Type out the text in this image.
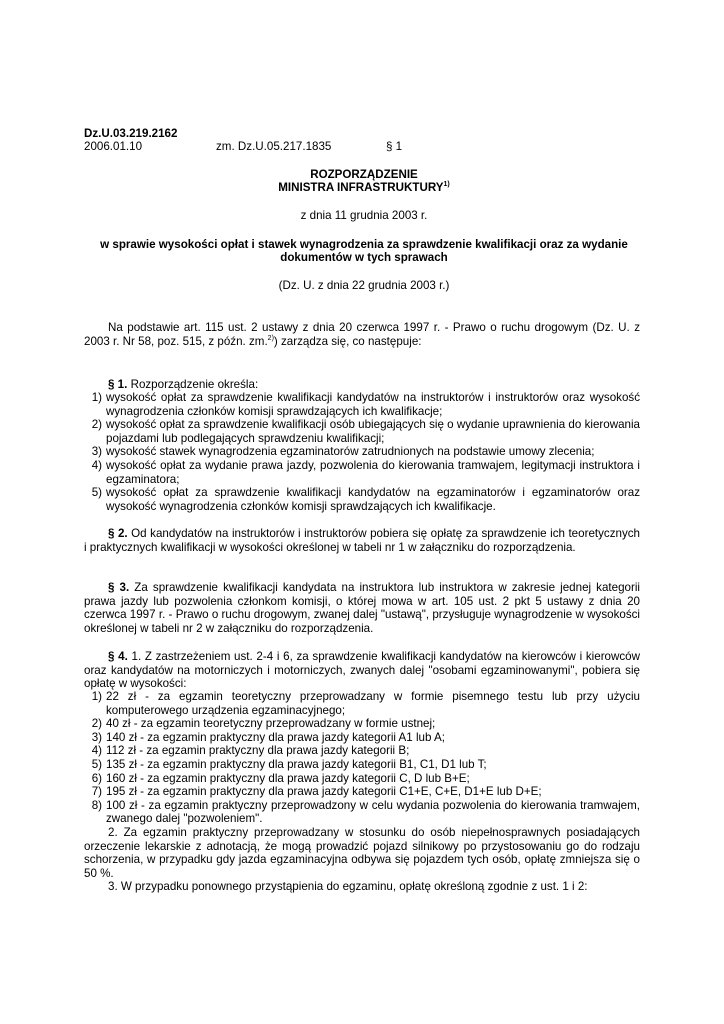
Dz.U.03.219.2162
2006.01.10	zm. Dz.U.05.217.1835	§ 1
ROZPORZĄDZENIE
MINISTRA INFRASTRUKTURY$^{1)}$
z dnia 11 grudnia 2003 r.
w sprawie wysokości opłat i stawek wynagrodzenia za sprawdzenie kwalifikacji oraz za wydanie
dokumentów w tych sprawach
(Dz. U. z dnia 22 grudnia 2003 r.)
Na podstawie art. 115 ust. 2 ustawy z dnia 20 czerwca 1997 r. - Prawo o ruchu drogowym (Dz. U. z 2003 r. Nr 58, poz. 515, z późn. zm.$^{2)}$) zarządza się, co następuje:
§ 1. Rozporządzenie określa:
1) wysokość opłat za sprawdzenie kwalifikacji kandydatów na instruktorów i instruktorów oraz wysokość wynagrodzenia członków komisji sprawdzających ich kwalifikacje;
2) wysokość opłat za sprawdzenie kwalifikacji osób ubiegających się o wydanie uprawnienia do kierowania pojazdami lub podlegających sprawdzeniu kwalifikacji;
3) wysokość stawek wynagrodzenia egzaminatorów zatrudnionych na podstawie umowy zlecenia;
4) wysokość opłat za wydanie prawa jazdy, pozwolenia do kierowania tramwajem, legitymacji instruktora i egzaminatora;
5) wysokość opłat za sprawdzenie kwalifikacji kandydatów na egzaminatorów i egzaminatorów oraz wysokość wynagrodzenia członków komisji sprawdzających ich kwalifikacje.
§ 2. Od kandydatów na instruktorów i instruktorów pobiera się opłatę za sprawdzenie ich teoretycznych i praktycznych kwalifikacji w wysokości określonej w tabeli nr 1 w załączniku do rozporządzenia.
§ 3. Za sprawdzenie kwalifikacji kandydata na instruktora lub instruktora w zakresie jednej kategorii prawa jazdy lub pozwolenia członkom komisji, o której mowa w art. 105 ust. 2 pkt 5 ustawy z dnia 20 czerwca 1997 r. - Prawo o ruchu drogowym, zwanej dalej "ustawą", przysługuje wynagrodzenie w wysokości określonej w tabeli nr 2 w załączniku do rozporządzenia.
§ 4. 1. Z zastrzeżeniem ust. 2-4 i 6, za sprawdzenie kwalifikacji kandydatów na kierowców i kierowców oraz kandydatów na motorniczych i motorniczych, zwanych dalej "osobami egzaminowanymi", pobiera się opłatę w wysokości:
1) 22 zł - za egzamin teoretyczny przeprowadzany w formie pisemnego testu lub przy użyciu komputerowego urządzenia egzaminacyjnego;
2) 40 zł - za egzamin teoretyczny przeprowadzany w formie ustnej;
3) 140 zł - za egzamin praktyczny dla prawa jazdy kategorii A1 lub A;
4) 112 zł - za egzamin praktyczny dla prawa jazdy kategorii B;
5) 135 zł - za egzamin praktyczny dla prawa jazdy kategorii B1, C1, D1 lub T;
6) 160 zł - za egzamin praktyczny dla prawa jazdy kategorii C, D lub B+E;
7) 195 zł - za egzamin praktyczny dla prawa jazdy kategorii C1+E, C+E, D1+E lub D+E;
8) 100 zł - za egzamin praktyczny przeprowadzony w celu wydania pozwolenia do kierowania tramwajem, zwanego dalej "pozwoleniem".
2. Za egzamin praktyczny przeprowadzany w stosunku do osób niepełnosprawnych posiadających orzeczenie lekarskie z adnotacją, że mogą prowadzić pojazd silnikowy po przystosowaniu go do rodzaju schorzenia, w przypadku gdy jazda egzaminacyjna odbywa się pojazdem tych osób, opłatę zmniejsza się o 50 %.
3. W przypadku ponownego przystąpienia do egzaminu, opłatę określoną zgodnie z ust. 1 i 2:
